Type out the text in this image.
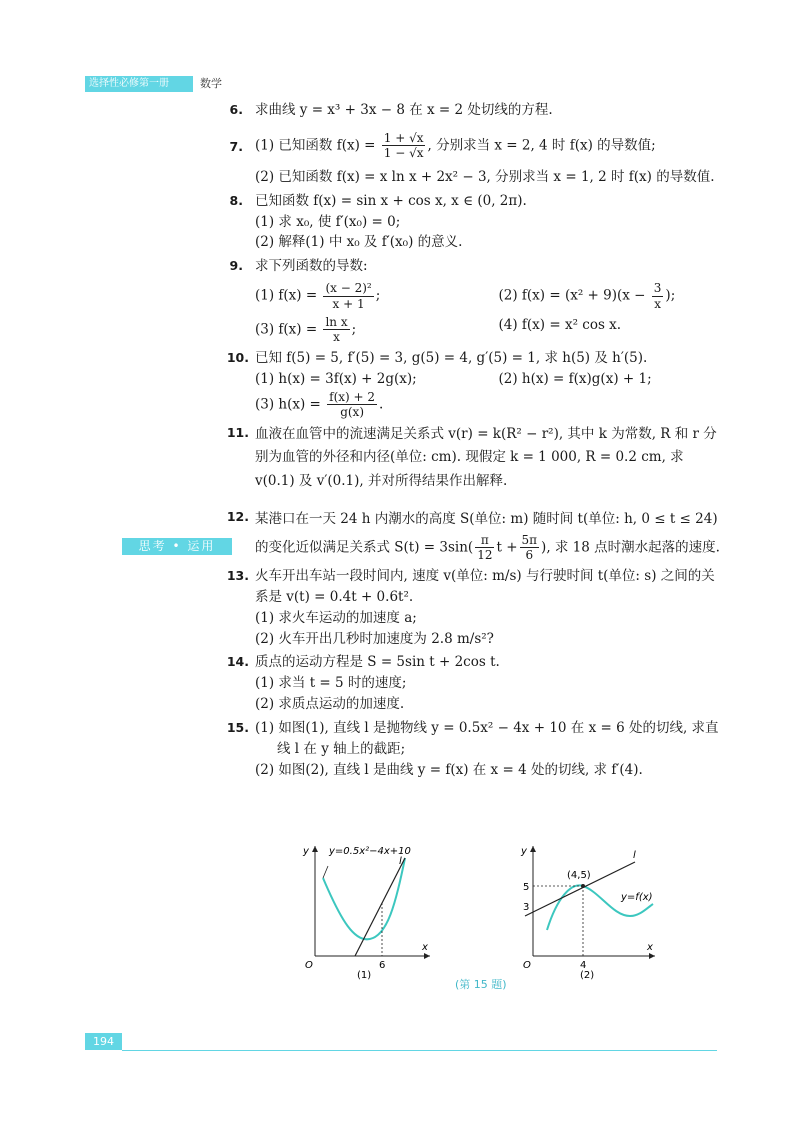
选择性必修第一册	数学
6. 求曲线 y = x³ + 3x − 8 在 x = 2 处切线的方程.

7. (1) 已知函数 $f(x) = \frac{1 + √x}{1 - √x}$ , 分别求当 x = 2, 4 时 f(x) 的导数值;

(2) 已知函数 f(x) = x ln x + 2x² − 3, 分别求当 x = 1, 2 时 f(x) 的导数值.

8. 已知函数 f(x) = sin x + cos x, x ∈ (0, 2π).

(1) 求 x₀, 使 f′(x₀) = 0;

(2) 解释(1) 中 x₀ 及 f′(x₀) 的意义.

9. 求下列函数的导数:

(1) $f(x) = \frac{\text{(x − 2)²}}{x + 1}$ ;	(2) $f(x) = (x^2 + 9)(x - \frac{3}{x}$ );
(3) $f(x) = \frac{\text{ln x}}{x}$ ;	(4) f(x) = x² cos x.
10. 已知 f(5) = 5, f′(5) = 3, g(5) = 4, g′(5) = 1, 求 h(5) 及 h′(5).

(1) h(x) = 3f(x) + 2g(x);	(2) h(x) = f(x)g(x) + 1;

(3) $h(x) = \frac{f(x) + 2}{g(x)}$ .

11. 血液在血管中的流速满足关系式 v(r) = k(R² − r²), 其中 k 为常数, R 和 r 分别为血管的外径和内径(单位: cm). 现假定 k = 1 000, R = 0.2 cm, 求 v(0.1) 及 v′(0.1), 并对所得结果作出解释.

12. 某港口在一天 24 h 内潮水的高度 S(单位: m) 随时间 t(单位: h, 0 ≤ t ≤ 24) 的变化近似满足关系式 $S(t) = 3\sin( \frac{\pi}{12}$ $t + \frac{5\pi}{6}$ ), 求 18 点时潮水起落的速度.

13. 火车开出车站一段时间内, 速度 v(单位: m/s) 与行驶时间 t(单位: s) 之间的关系是 v(t) = 0.4t + 0.6t².

(1) 求火车运动的加速度 a;

(2) 火车开出几秒时加速度为 2.8 m/s²?

14. 质点的运动方程是 S = 5sin t + 2cos t.

(1) 求当 t = 5 时的速度;

(2) 求质点运动的加速度.

15. (1) 如图(1), 直线 l 是抛物线 y = 0.5x² − 4x + 10 在 x = 6 处的切线, 求直线 l 在 y 轴上的截距;

(2) 如图(2), 直线 l 是曲线 y = f(x) 在 x = 4 处的切线, 求 f′(4).

思考 • 运用
y=0.5x²−4x+10
l
x
y
O	6
(1)
(4,5)
l
y=f(x)
x
y
O	4
5
3
(2)
(第 15 题)
194
